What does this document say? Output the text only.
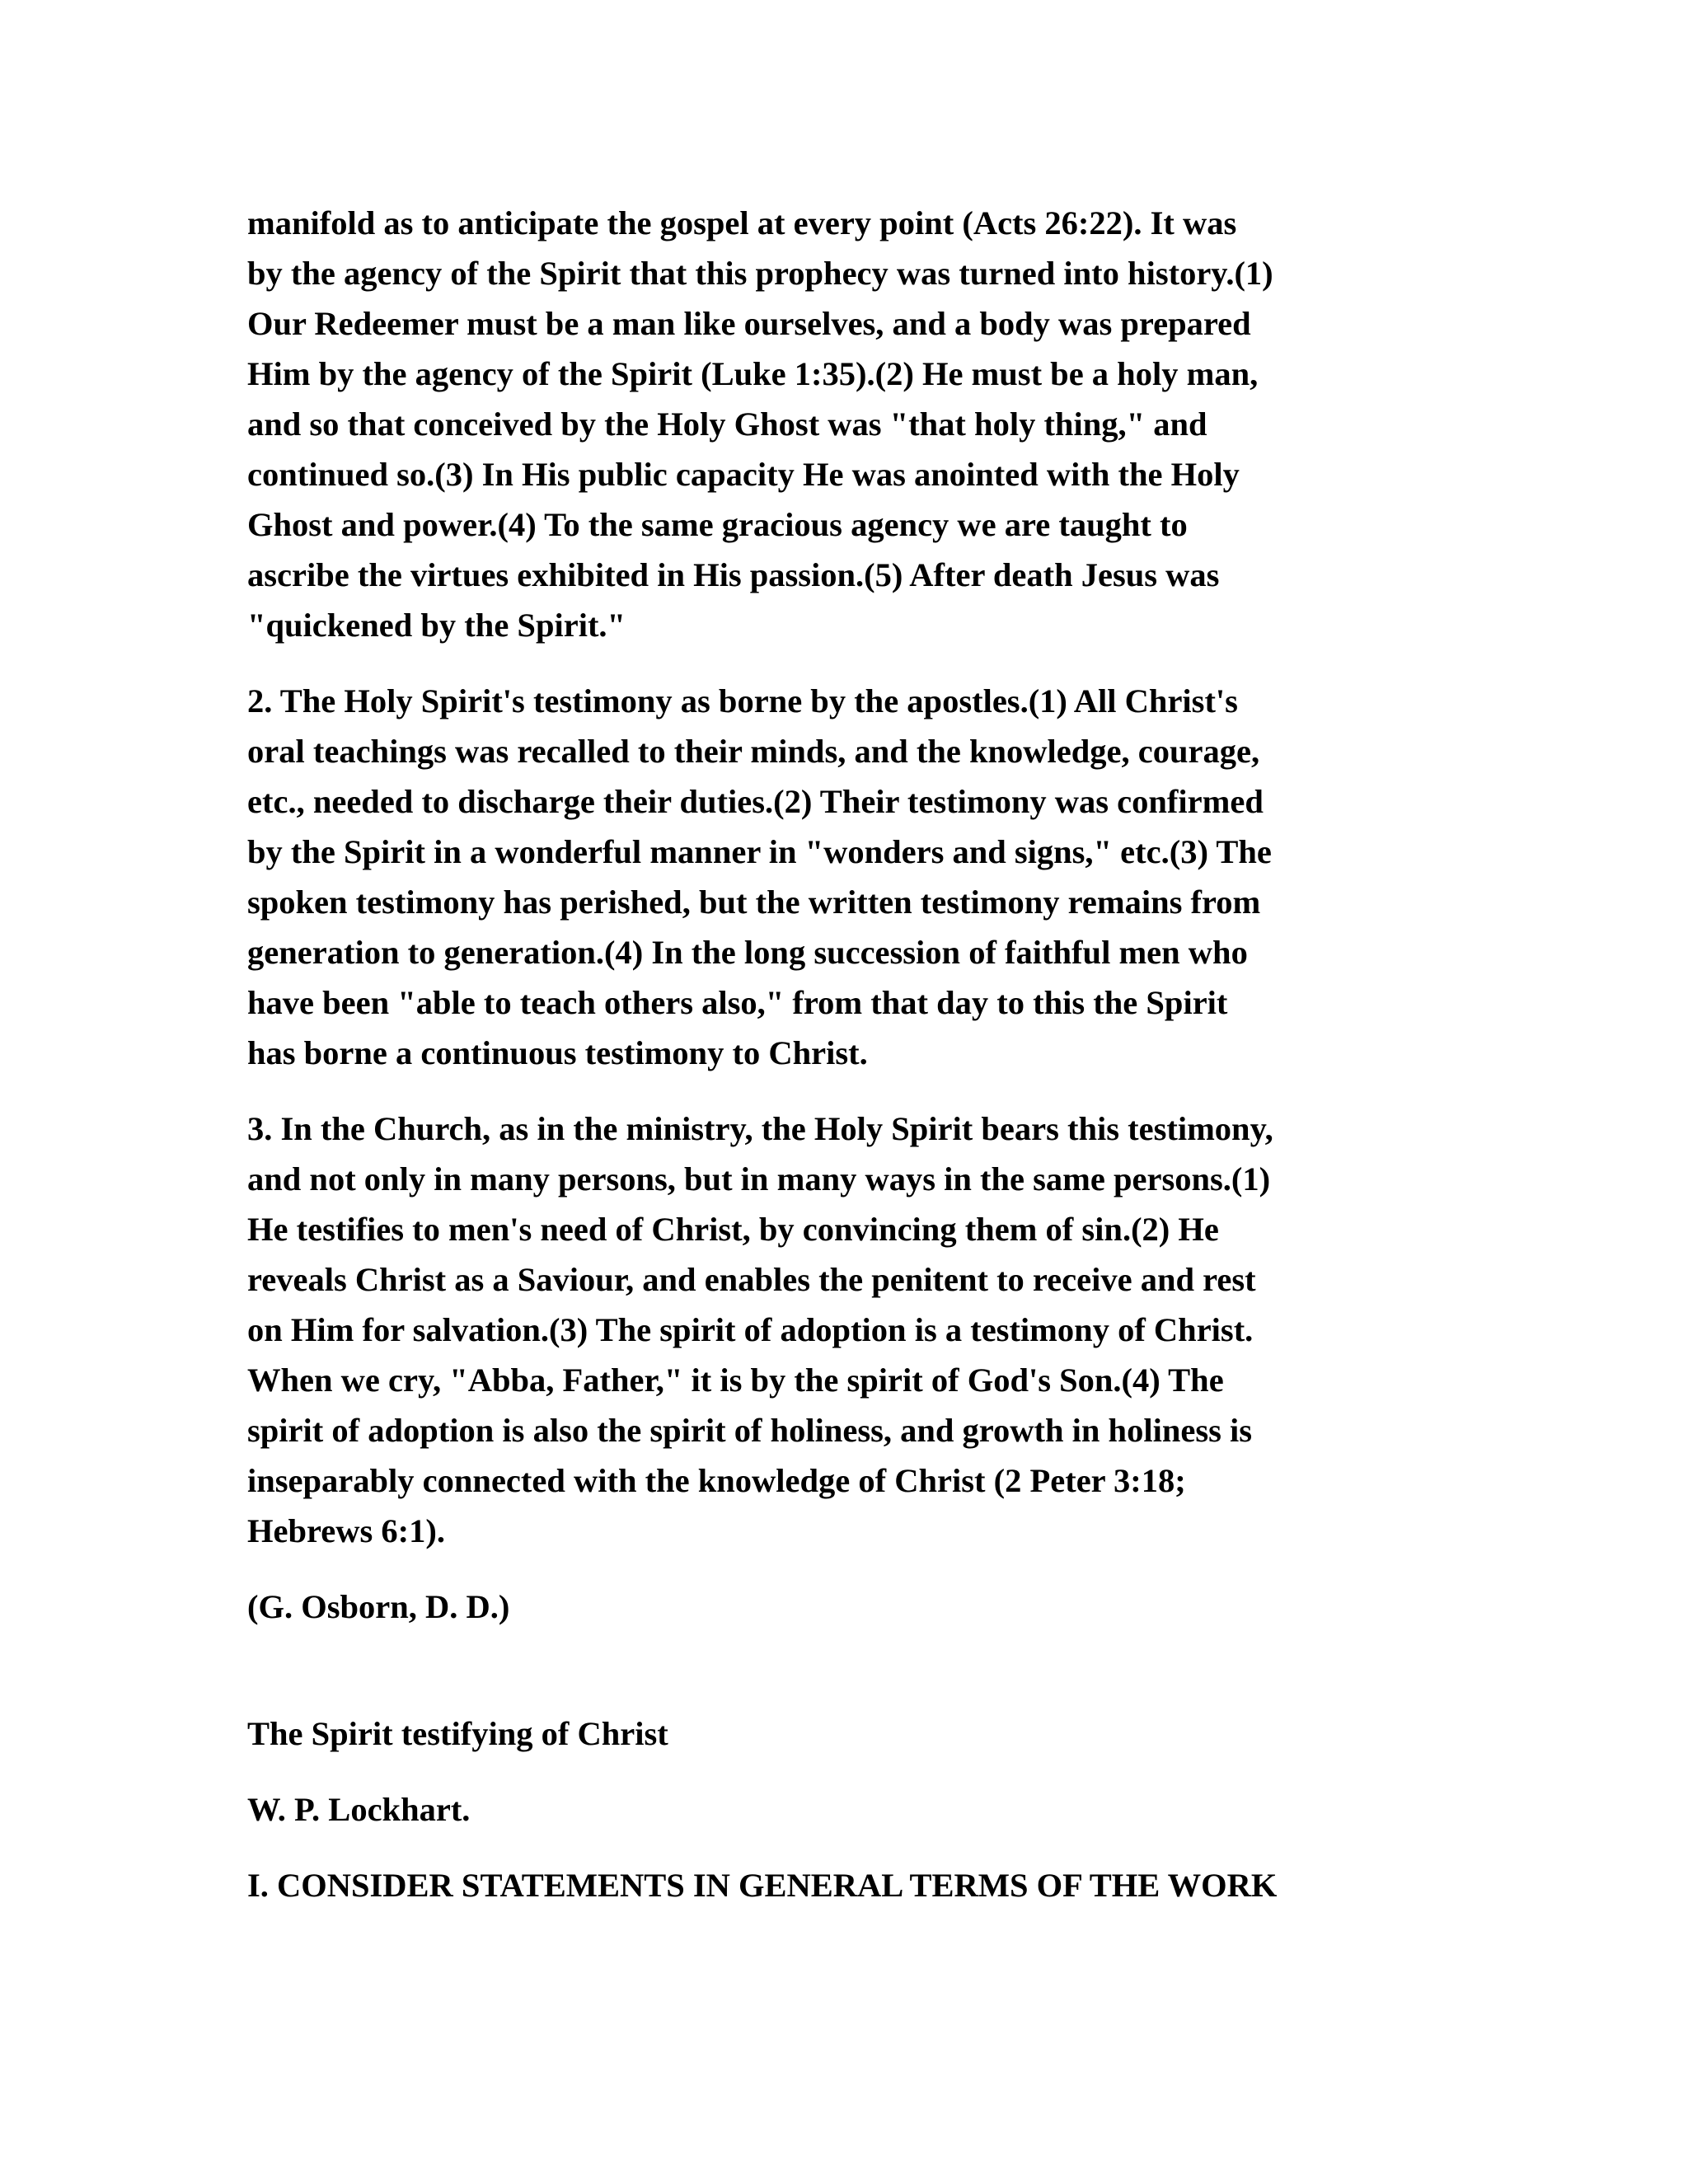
manifold as to anticipate the gospel at every point (Acts 26:22). It was
by the agency of the Spirit that this prophecy was turned into history.(1)
Our Redeemer must be a man like ourselves, and a body was prepared
Him by the agency of the Spirit (Luke 1:35).(2) He must be a holy man,
and so that conceived by the Holy Ghost was "that holy thing," and
continued so.(3) In His public capacity He was anointed with the Holy
Ghost and power.(4) To the same gracious agency we are taught to
ascribe the virtues exhibited in His passion.(5) After death Jesus was
"quickened by the Spirit."

2. The Holy Spirit's testimony as borne by the apostles.(1) All Christ's
oral teachings was recalled to their minds, and the knowledge, courage,
etc., needed to discharge their duties.(2) Their testimony was confirmed
by the Spirit in a wonderful manner in "wonders and signs," etc.(3) The
spoken testimony has perished, but the written testimony remains from
generation to generation.(4) In the long succession of faithful men who
have been "able to teach others also," from that day to this the Spirit
has borne a continuous testimony to Christ.

3. In the Church, as in the ministry, the Holy Spirit bears this testimony,
and not only in many persons, but in many ways in the same persons.(1)
He testifies to men's need of Christ, by convincing them of sin.(2) He
reveals Christ as a Saviour, and enables the penitent to receive and rest
on Him for salvation.(3) The spirit of adoption is a testimony of Christ.
When we cry, "Abba, Father," it is by the spirit of God's Son.(4) The
spirit of adoption is also the spirit of holiness, and growth in holiness is
inseparably connected with the knowledge of Christ (2 Peter 3:18;
Hebrews 6:1).

(G. Osborn, D. D.)

The Spirit testifying of Christ

W. P. Lockhart.

I. CONSIDER STATEMENTS IN GENERAL TERMS OF THE WORK
